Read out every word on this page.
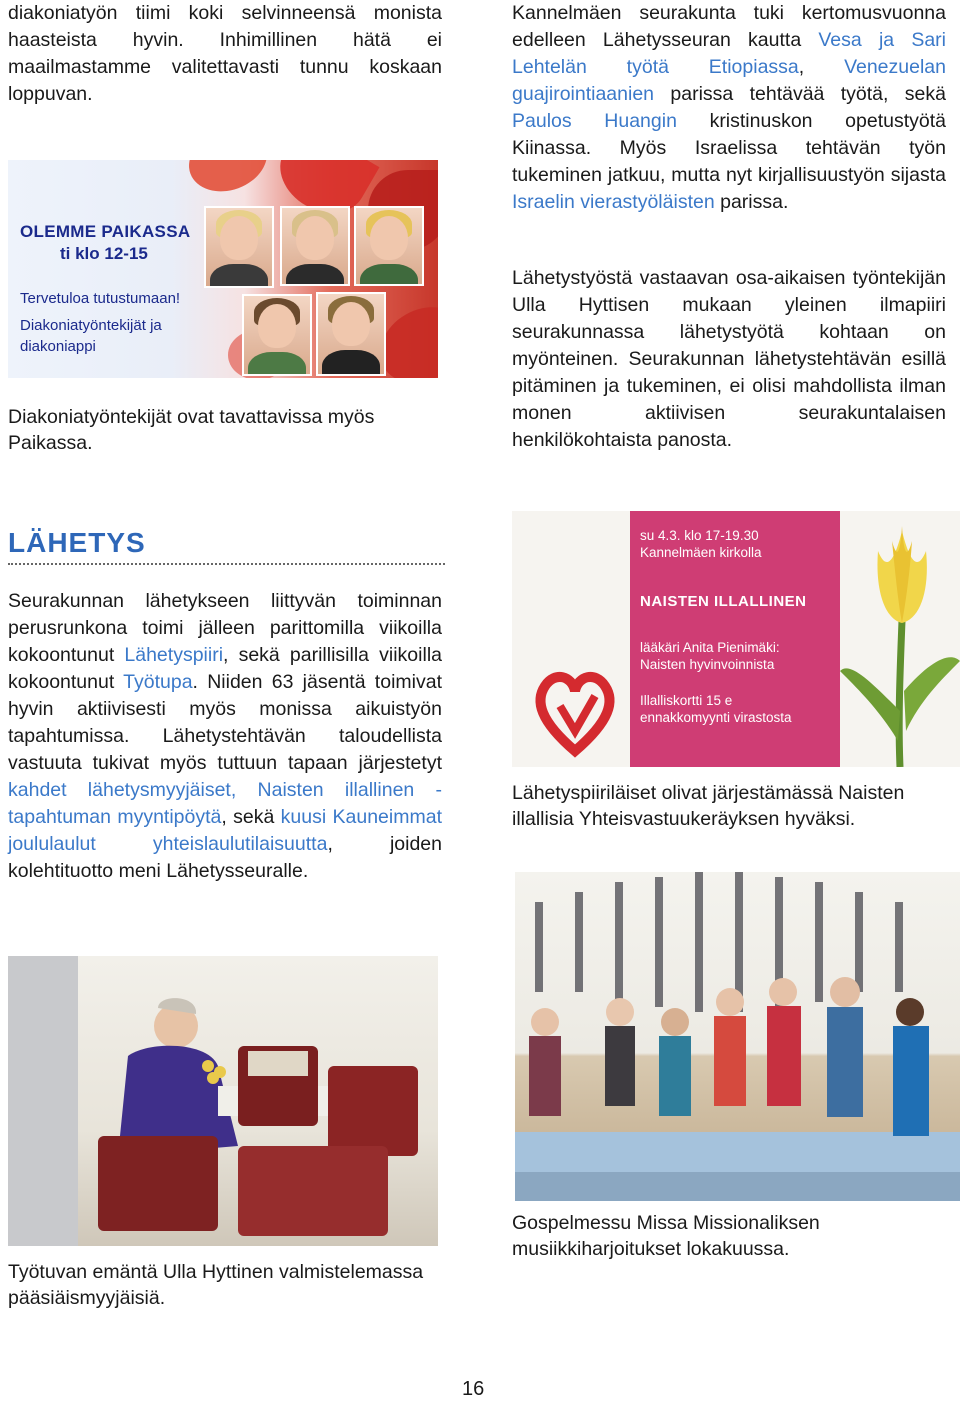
diakoniatyön tiimi koki selvinneensä monista haasteista hyvin. Inhimillinen hätä ei maailmastamme valitettavasti tunnu koskaan loppuvan.

OLEMME PAIKASSA
ti klo 12-15
Tervetuloa tutustumaan!
Diakoniatyöntekijät ja
diakoniappi

Diakoniatyöntekijät ovat tavattavissa myös

Paikassa.

Kannelmäen seurakunta tuki kertomusvuonna edelleen Lähetysseuran kautta Vesa ja Sari Lehtelän työtä Etiopiassa, Venezuelan guajirointiaanien parissa tehtävää työtä, sekä Paulos Huangin kristinuskon opetustyötä Kiinassa. Myös Israelissa tehtävän työn tukeminen jatkuu, mutta nyt kirjallisuustyön sijasta Israelin vierastyöläisten parissa.

Lähetystyöstä vastaavan osa-aikaisen työntekijän Ulla Hyttisen mukaan yleinen ilmapiiri seurakunnassa lähetystyötä kohtaan on myönteinen. Seurakunnan lähetystehtävän esillä pitäminen ja tukeminen, ei olisi mahdollista ilman monen aktiivisen seurakuntalaisen henkilökohtaista panosta.

LÄHETYS

Seurakunnan lähetykseen liittyvän toiminnan perusrunkona toimi jälleen parittomilla viikoilla kokoontunut Lähetyspiiri, sekä parillisilla viikoilla kokoontunut Työtupa. Niiden 63 jäsentä toimivat hyvin aktiivisesti myös monissa aikuistyön tapahtumissa. Lähetystehtävän taloudellista vastuuta tukivat myös tuttuun tapaan järjestetyt kahdet lähetysmyyjäiset, Naisten illallinen -tapahtuman myyntipöytä, sekä kuusi Kauneimmat joululaulut yhteislaulutilaisuutta, joiden kolehtituotto meni Lähetysseuralle.

su 4.3. klo 17-19.30
Kannelmäen kirkolla
NAISTEN ILLALLINEN
lääkäri Anita Pienimäki:
Naisten hyvinvoinnista
Illalliskortti 15 e
ennakkomyynti virastosta

Lähetyspiiriläiset olivat järjestämässä Naisten illallisia Yhteisvastuukeräyksen hyväksi.

Gospelmessu Missa Missionaliksen musiikkiharjoitukset lokakuussa.

Työtuvan emäntä Ulla Hyttinen valmistelemassa pääsiäismyyjäisiä.

16
